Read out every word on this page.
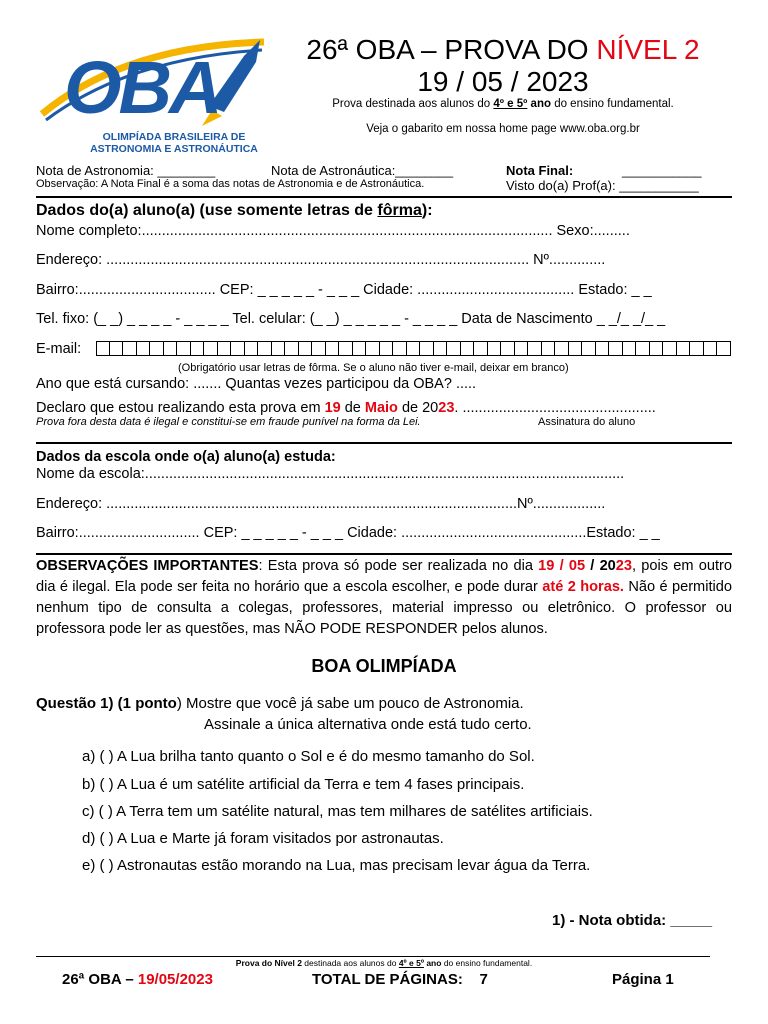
OBA
OLIMPÍADA BRASILEIRA DE
ASTRONOMIA E ASTRONÁUTICA
26ª OBA – PROVA DO NÍVEL 2
19 / 05 / 2023
Prova destinada aos alunos do 4º e 5º ano do ensino fundamental.
Veja o gabarito em nossa home page www.oba.org.br
Nota de Astronomia: ________	Nota de Astronáutica:________
Observação: A Nota Final é a soma das notas de Astronomia e de Astronáutica.
Nota Final:	___________
Visto do(a) Prof(a): ___________
Dados do(a) aluno(a) (use somente letras de fôrma):
Nome completo:...................................................................................................... Sexo:.........
Endereço: ......................................................................................................... Nº..............
Bairro:.................................. CEP: _ _ _ _ _ - _ _ _ Cidade: ....................................... Estado: _ _
Tel. fixo: (_ _) _ _ _ _ - _ _ _ _ Tel. celular: (_ _) _ _ _ _ _ - _ _ _ _ Data de Nascimento _ _/_ _/_ _
E-mail:
(Obrigatório usar letras de fôrma. Se o aluno não tiver e-mail, deixar em branco)
Ano que está cursando: ....... Quantas vezes participou da OBA? .....
Declaro que estou realizando esta prova em 19 de Maio de 2023. ................................................
Prova fora desta data é ilegal e constitui-se em fraude punível na forma da Lei.	Assinatura do aluno
Dados da escola onde o(a) aluno(a) estuda:
Nome da escola:.......................................................................................................................
Endereço: ......................................................................................................Nº..................
Bairro:.............................. CEP: _ _ _ _ _ - _ _ _ Cidade: ..............................................Estado: _ _
OBSERVAÇÕES IMPORTANTES: Esta prova só pode ser realizada no dia 19 / 05 / 2023, pois em outro dia é ilegal. Ela pode ser feita no horário que a escola escolher, e pode durar até 2 horas. Não é permitido nenhum tipo de consulta a colegas, professores, material impresso ou eletrônico. O professor ou professora pode ler as questões, mas NÃO PODE RESPONDER pelos alunos.
BOA OLIMPÍADA
Questão 1) (1 ponto) Mostre que você já sabe um pouco de Astronomia.
Assinale a única alternativa onde está tudo certo.
a) ( ) A Lua brilha tanto quanto o Sol e é do mesmo tamanho do Sol.
b) ( ) A Lua é um satélite artificial da Terra e tem 4 fases principais.
c) ( ) A Terra tem um satélite natural, mas tem milhares de satélites artificiais.
d) ( ) A Lua e Marte já foram visitados por astronautas.
e) ( ) Astronautas estão morando na Lua, mas precisam levar água da Terra.
1) - Nota obtida: _____
Prova do Nível 2 destinada aos alunos do 4º e 5º ano do ensino fundamental.
26ª OBA – 19/05/2023	TOTAL DE PÁGINAS:    7	Página 1
